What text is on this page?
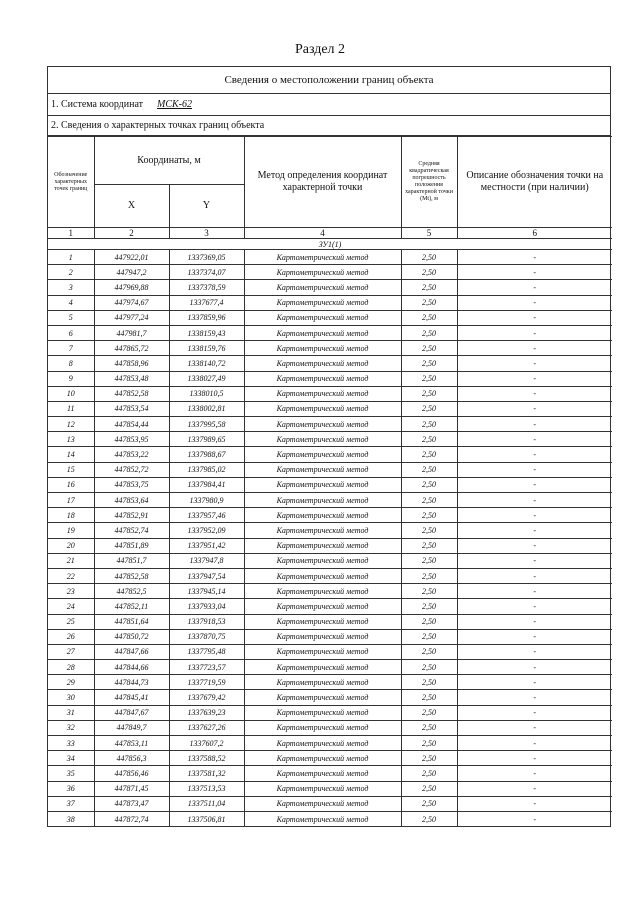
Раздел 2
Сведения о местоположении границ объекта
1. Система координат МСК-62
2. Сведения о характерных точках границ объекта
Обозначение характерных точек границ	Координаты, м		Метод определения координат характерной точки	Средняя квадратическая погрешность положения характерной точки (Mt), м	Описание обозначения точки на местности (при наличии)
	X	Y			
1	2	3	4	5	6
ЗУ1(1)					
1	447922,01	1337369,05	Картометрический метод	2,50	-
2	447947,2	1337374,07	Картометрический метод	2,50	-
3	447969,88	1337378,59	Картометрический метод	2,50	-
4	447974,67	1337677,4	Картометрический метод	2,50	-
5	447977,24	1337859,96	Картометрический метод	2,50	-
6	447981,7	1338159,43	Картометрический метод	2,50	-
7	447865,72	1338159,76	Картометрический метод	2,50	-
8	447858,96	1338140,72	Картометрический метод	2,50	-
9	447853,48	1338027,49	Картометрический метод	2,50	-
10	447852,58	1338010,5	Картометрический метод	2,50	-
11	447853,54	1338002,81	Картометрический метод	2,50	-
12	447854,44	1337995,58	Картометрический метод	2,50	-
13	447853,95	1337989,65	Картометрический метод	2,50	-
14	447853,22	1337988,67	Картометрический метод	2,50	-
15	447852,72	1337985,02	Картометрический метод	2,50	-
16	447853,75	1337984,41	Картометрический метод	2,50	-
17	447853,64	1337980,9	Картометрический метод	2,50	-
18	447852,91	1337957,46	Картометрический метод	2,50	-
19	447852,74	1337952,09	Картометрический метод	2,50	-
20	447851,89	1337951,42	Картометрический метод	2,50	-
21	447851,7	1337947,8	Картометрический метод	2,50	-
22	447852,58	1337947,54	Картометрический метод	2,50	-
23	447852,5	1337945,14	Картометрический метод	2,50	-
24	447852,11	1337933,04	Картометрический метод	2,50	-
25	447851,64	1337918,53	Картометрический метод	2,50	-
26	447850,72	1337870,75	Картометрический метод	2,50	-
27	447847,66	1337795,48	Картометрический метод	2,50	-
28	447844,66	1337723,57	Картометрический метод	2,50	-
29	447844,73	1337719,59	Картометрический метод	2,50	-
30	447845,41	1337679,42	Картометрический метод	2,50	-
31	447847,67	1337639,23	Картометрический метод	2,50	-
32	447849,7	1337627,26	Картометрический метод	2,50	-
33	447853,11	1337607,2	Картометрический метод	2,50	-
34	447856,3	1337588,52	Картометрический метод	2,50	-
35	447856,46	1337581,32	Картометрический метод	2,50	-
36	447871,45	1337513,53	Картометрический метод	2,50	-
37	447873,47	1337511,04	Картометрический метод	2,50	-
38	447872,74	1337506,81	Картометрический метод	2,50	-
